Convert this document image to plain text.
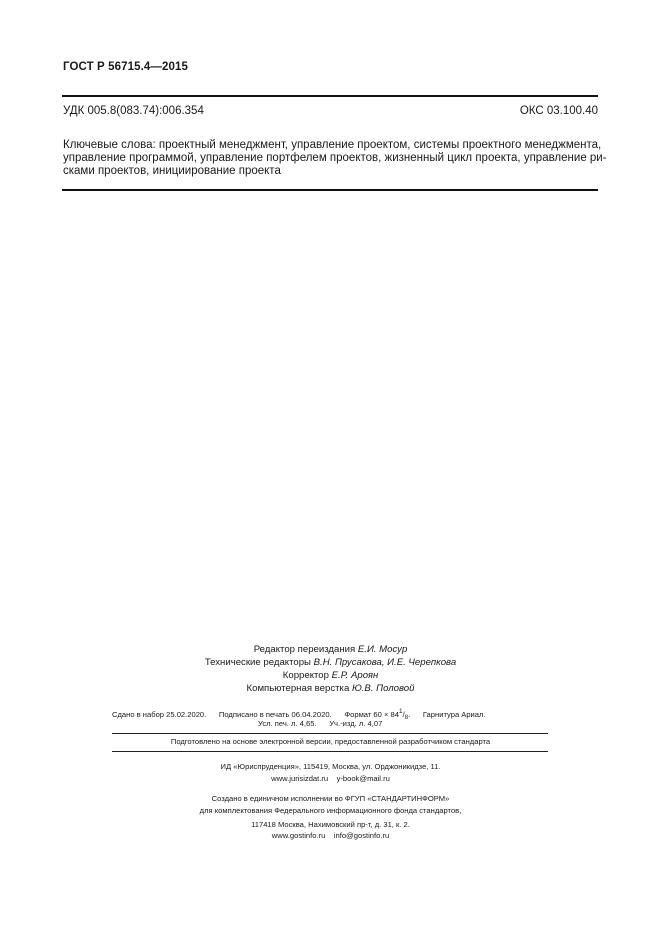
ГОСТ Р 56715.4—2015
УДК 005.8(083.74):006.354	ОКС 03.100.40
Ключевые слова: проектный менеджмент, управление проектом, системы проектного менеджмента,
управление программой, управление портфелем проектов, жизненный цикл проекта, управление ри-
сками проектов, инициирование проекта
Редактор переиздания Е.И. Мосур
Технические редакторы В.Н. Прусакова, И.Е. Черепкова
Корректор Е.Р. Ароян
Компьютерная верстка Ю.В. Половой
Сдано в набор 25.02.2020. Подписано в печать 06.04.2020. Формат $60 \times 841/_8$. Гарнитура Ариал.
Усл. печ. л. 4,65. Уч.-изд. л. 4,07
Подготовлено на основе электронной версии, предоставленной разработчиком стандарта
ИД «Юриспруденция», 115419, Москва, ул. Орджоникидзе, 11.
www.jurisizdat.ru y-book@mail.ru
Создано в единичном исполнении во ФГУП «СТАНДАРТИНФОРМ»
для комплектования Федерального информационного фонда стандартов,
117418 Москва, Нахимовский пр-т, д. 31, к. 2.
www.gostinfo.ru info@gostinfo.ru
